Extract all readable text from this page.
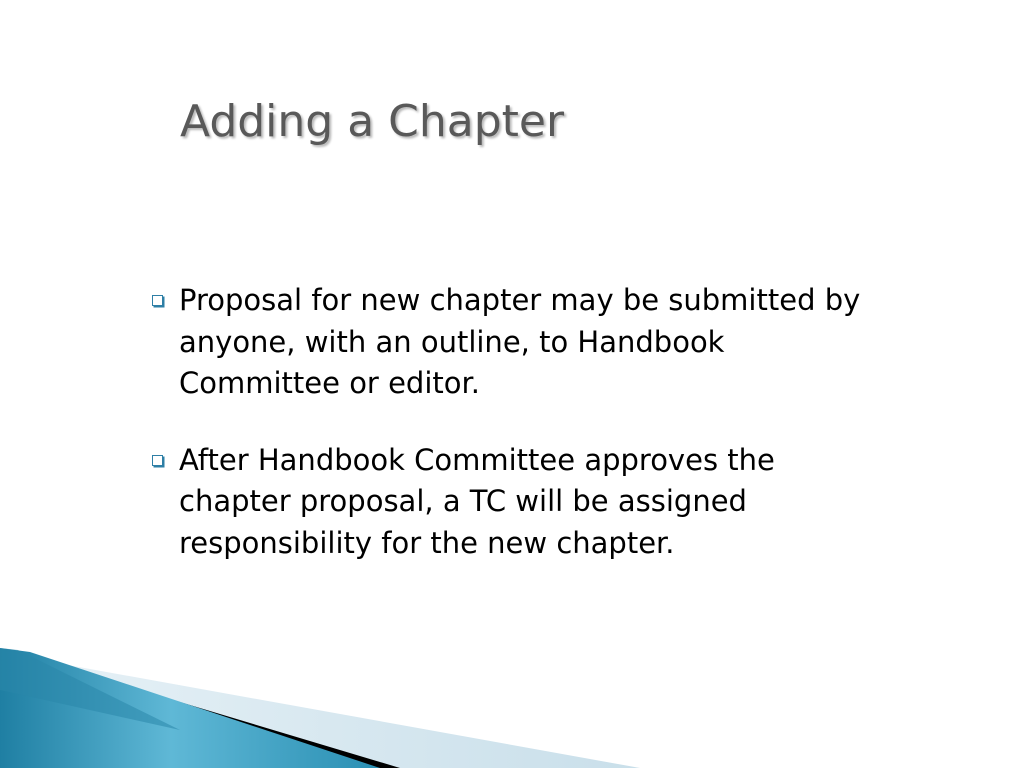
Adding a Chapter
Proposal for new chapter may be submitted by anyone, with an outline, to Handbook Committee or editor.
After Handbook Committee approves the chapter proposal, a TC will be assigned responsibility for the new chapter.
